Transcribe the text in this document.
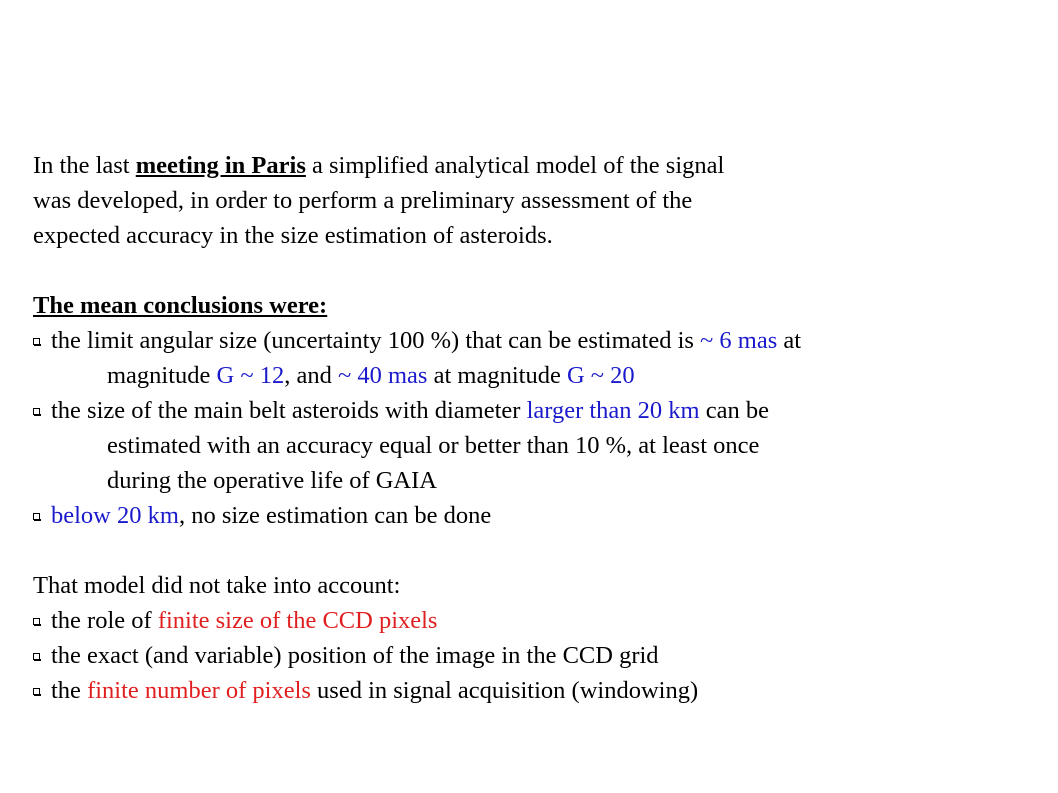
In the last meeting in Paris a simplified analytical model of the signal
was developed, in order to perform a preliminary assessment of the
expected accuracy in the size estimation of asteroids.
The mean conclusions were:
the limit angular size (uncertainty 100 %) that can be estimated is ~ 6 mas at
magnitude G ~ 12, and ~ 40 mas at magnitude G ~ 20
the size of the main belt asteroids with diameter larger than 20 km can be
estimated with an accuracy equal or better than 10 %, at least once
during the operative life of GAIA
below 20 km, no size estimation can be done
That model did not take into account:
the role of finite size of the CCD pixels
the exact (and variable) position of the image in the CCD grid
the finite number of pixels used in signal acquisition (windowing)
